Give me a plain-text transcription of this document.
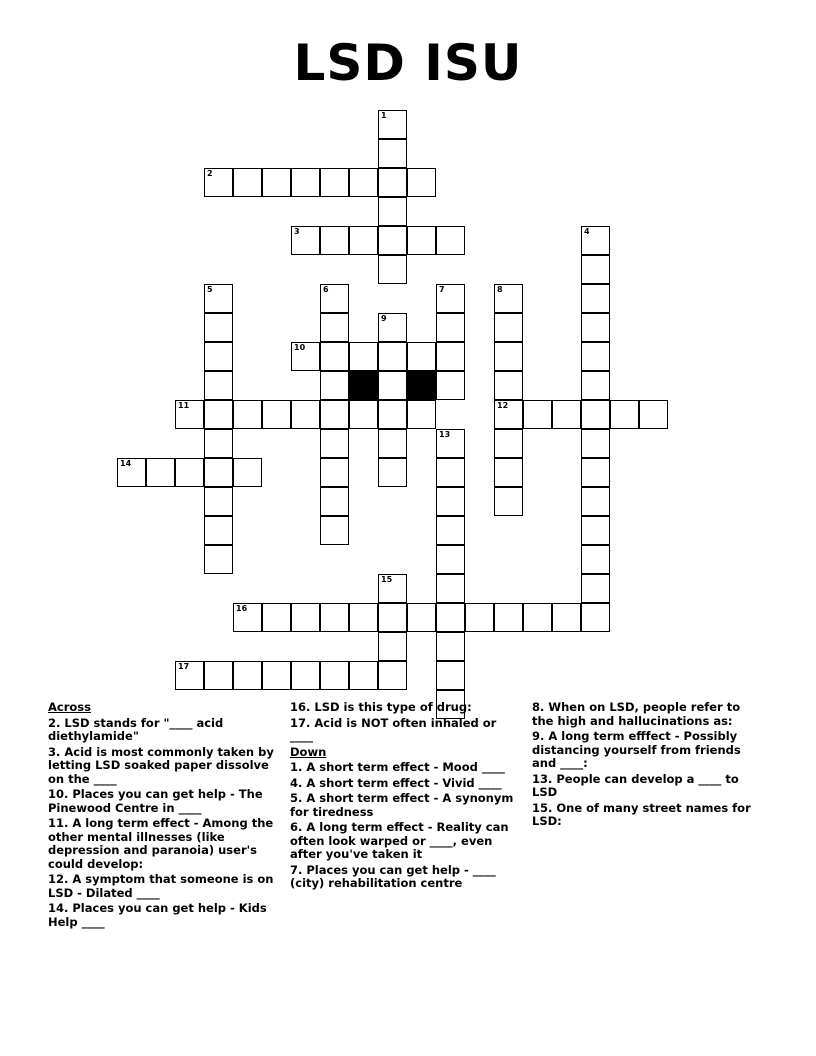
LSD ISU
1
2
3	4
5	6	7	8
12
9
10
11
13
14
15
16
17
Across
2. LSD stands for "____ acid diethylamide"
3. Acid is most commonly taken by letting LSD soaked paper dissolve on the ____
10. Places you can get help - The Pinewood Centre in ____
11. A long term effect - Among the other mental illnesses (like depression and paranoia) user's could develop:
12. A symptom that someone is on LSD - Dilated ____
14. Places you can get help - Kids Help ____
16. LSD is this type of drug:
17. Acid is NOT often inhaled or ____
Down
1. A short term effect - Mood ____
4. A short term effect - Vivid ____
5. A short term effect - A synonym for tiredness
6. A long term effect - Reality can often look warped or ____, even after you've taken it
7. Places you can get help - ____ (city) rehabilitation centre
8. When on LSD, people refer to the high and hallucinations as:
9. A long term efffect - Possibly distancing yourself from friends and ____:
13. People can develop a ____ to LSD
15. One of many street names for LSD:
